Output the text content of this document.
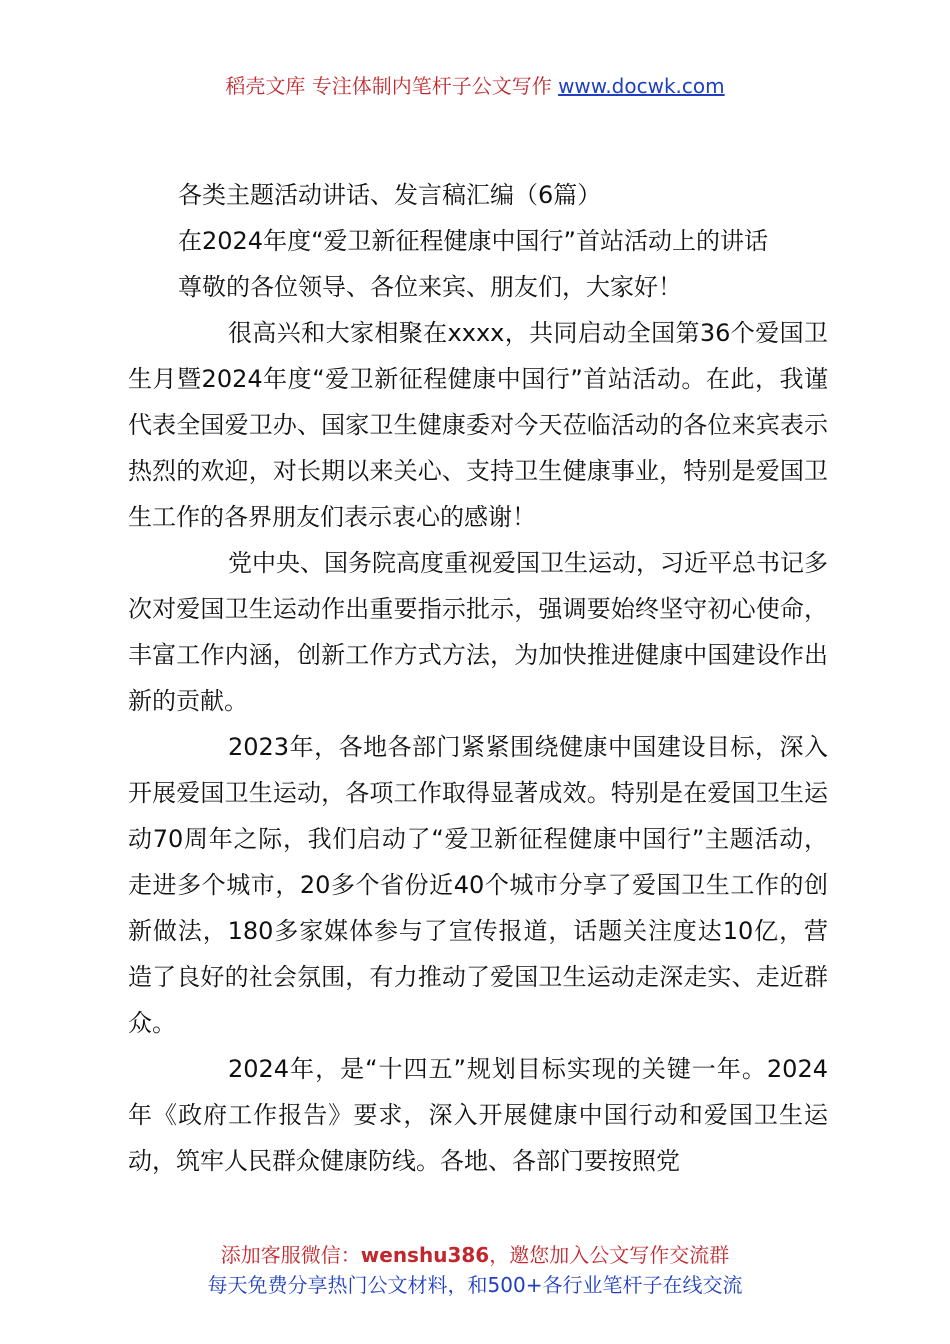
稻壳文库 专注体制内笔杆子公文写作 www.docwk.com

各类主题活动讲话、发言稿汇编（6篇）

在2024年度“爱卫新征程健康中国行”首站活动上的讲话

尊敬的各位领导、各位来宾、朋友们，大家好！

很高兴和大家相聚在xxxx，共同启动全国第36个爱国卫生月暨2024年度“爱卫新征程健康中国行”首站活动。在此，我谨代表全国爱卫办、国家卫生健康委对今天莅临活动的各位来宾表示热烈的欢迎，对长期以来关心、支持卫生健康事业，特别是爱国卫生工作的各界朋友们表示衷心的感谢！

党中央、国务院高度重视爱国卫生运动，习近平总书记多次对爱国卫生运动作出重要指示批示，强调要始终坚守初心使命，丰富工作内涵，创新工作方式方法，为加快推进健康中国建设作出新的贡献。

2023年，各地各部门紧紧围绕健康中国建设目标，深入开展爱国卫生运动，各项工作取得显著成效。特别是在爱国卫生运动70周年之际，我们启动了“爱卫新征程健康中国行”主题活动，走进多个城市，20多个省份近40个城市分享了爱国卫生工作的创新做法，180多家媒体参与了宣传报道，话题关注度达10亿，营造了良好的社会氛围，有力推动了爱国卫生运动走深走实、走近群众。

2024年，是“十四五”规划目标实现的关键一年。2024年《政府工作报告》要求，深入开展健康中国行动和爱国卫生运动，筑牢人民群众健康防线。各地、各部门要按照党

添加客服微信：wenshu386，邀您加入公文写作交流群
每天免费分享热门公文材料，和500+各行业笔杆子在线交流
